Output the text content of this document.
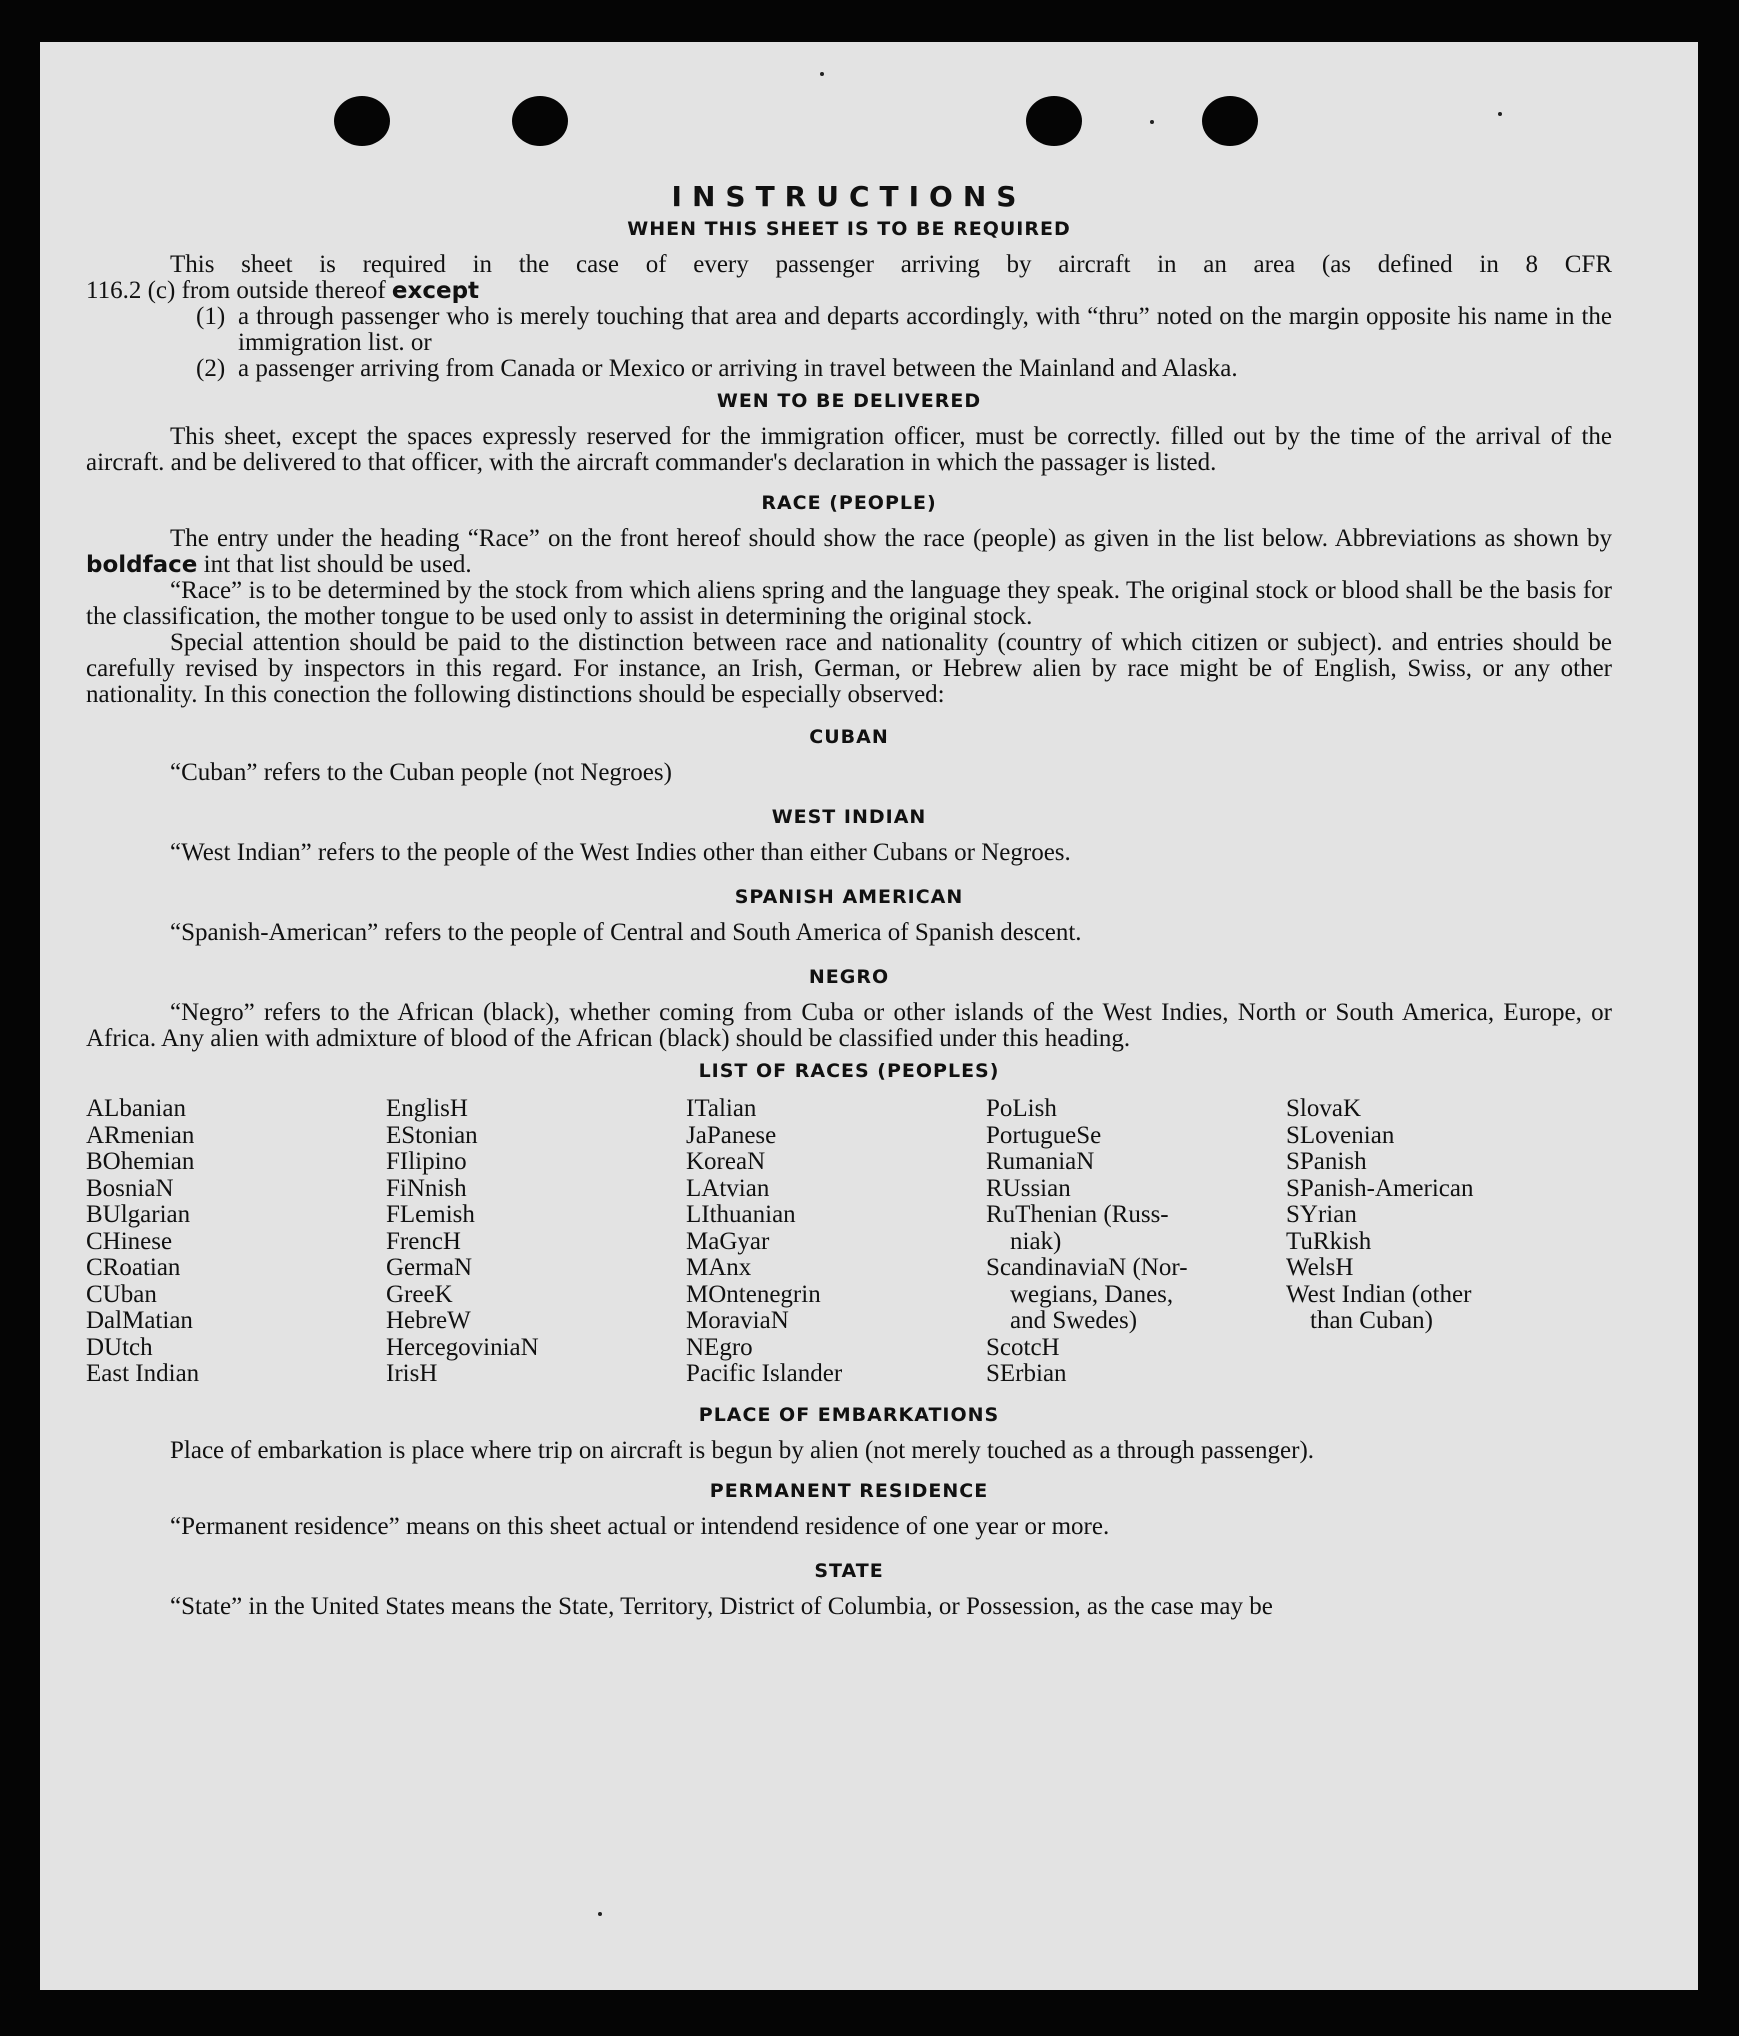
INSTRUCTIONS
WHEN THIS SHEET IS TO BE REQUIRED

This sheet is required in the case of every passenger arriving by aircraft in an area (as defined in 8 CFR

116.2 (c) from outside thereof except

(1) a through passenger who is merely touching that area and departs accordingly, with “thru” noted on the margin opposite his name in the immigration list. or
(2) a passenger arriving from Canada or Mexico or arriving in travel between the Mainland and Alaska.
WEN TO BE DELIVERED

This sheet, except the spaces expressly reserved for the immigration officer, must be correctly. filled out by the time of the arrival of the aircraft. and be delivered to that officer, with the aircraft commander's declaration in which the passager is listed.

RACE (PEOPLE)

The entry under the heading “Race” on the front hereof should show the race (people) as given in the list below. Abbreviations as shown by boldface int that list should be used.

“Race” is to be determined by the stock from which aliens spring and the language they speak. The original stock or blood shall be the basis for the classification, the mother tongue to be used only to assist in determining the original stock.

Special attention should be paid to the distinction between race and nationality (country of which citizen or subject). and entries should be carefully revised by inspectors in this regard. For instance, an Irish, German, or Hebrew alien by race might be of English, Swiss, or any other nationality. In this conection the following distinctions should be especially observed:

CUBAN

“Cuban” refers to the Cuban people (not Negroes)

WEST INDIAN

“West Indian” refers to the people of the West Indies other than either Cubans or Negroes.

SPANISH AMERICAN

“Spanish-American” refers to the people of Central and South America of Spanish descent.

NEGRO

“Negro” refers to the African (black), whether coming from Cuba or other islands of the West Indies, North or South America, Europe, or Africa. Any alien with admixture of blood of the African (black) should be classified under this heading.

LIST OF RACES (PEOPLES)
ALbanian
ARmenian
BOhemian
BosniaN
BUlgarian
CHinese
CRoatian
CUban
DalMatian
DUtch
East Indian
EnglisH
EStonian
FIlipino
FiNnish
FLemish
FrencH
GermaN
GreeK
HebreW
HercegoviniaN
IrisH
ITalian
JaPanese
KoreaN
LAtvian
LIthuanian
MaGyar
MAnx
MOntenegrin
MoraviaN
NEgro
Pacific Islander
PoLish
PortugueSe
RumaniaN
RUssian
RuThenian (Russ-
niak)
ScandinaviaN (Nor-
wegians, Danes,
and Swedes)
ScotcH
SErbian
SlovaK
SLovenian
SPanish
SPanish-American
SYrian
TuRkish
WelsH
West Indian (other
than Cuban)
PLACE OF EMBARKATIONS

Place of embarkation is place where trip on aircraft is begun by alien (not merely touched as a through passenger).

PERMANENT RESIDENCE

“Permanent residence” means on this sheet actual or intendend residence of one year or more.

STATE

“State” in the United States means the State, Territory, District of Columbia, or Possession, as the case may be
